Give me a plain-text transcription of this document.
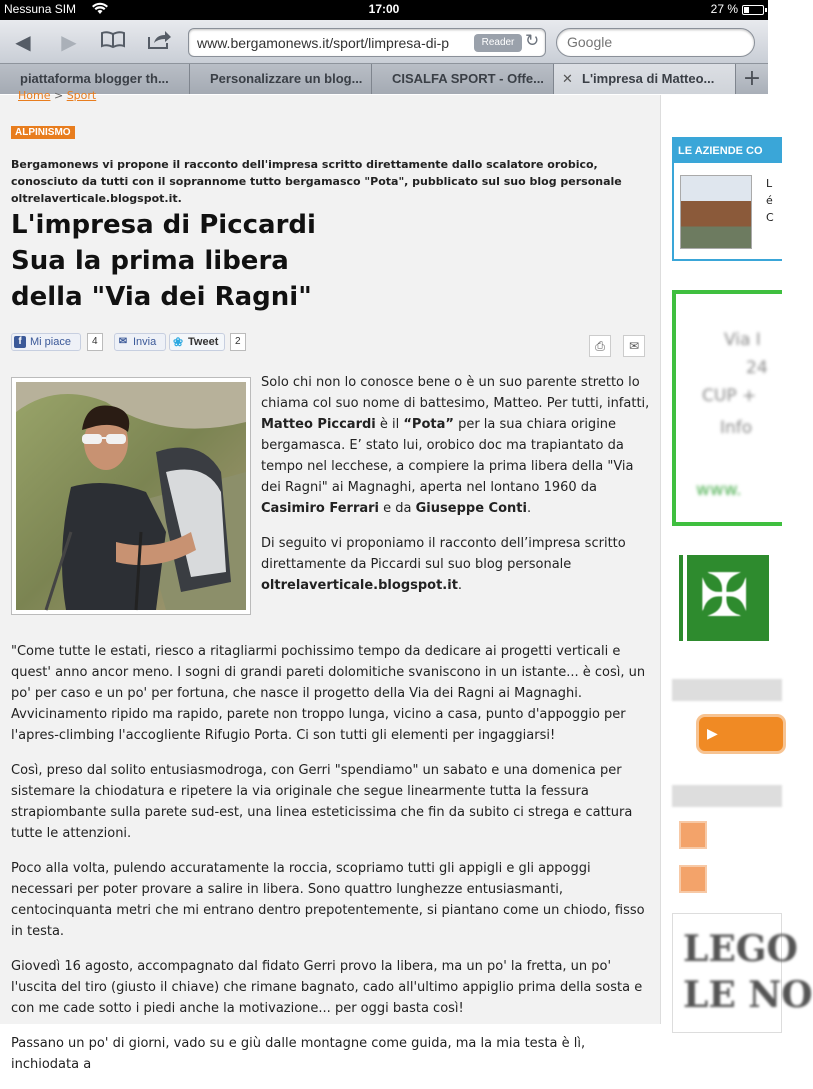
Nessuna SIM	17:00	27 %
◀	▶	www.bergamonews.it/sport/limpresa-di-p	Reader ↻
Google
piattaforma blogger th...	Personalizzare un blog...	CISALFA SPORT - Offe...	✕ L'impresa di Matteo...	+
Home > Sport
ALPINISMO
Bergamonews vi propone il racconto dell'impresa scritto direttamente dallo scalatore orobico, conosciuto da tutti con il soprannome tutto bergamasco "Pota", pubblicato sul suo blog personale oltrelaverticale.blogspot.it.
L'impresa di Piccardi
Sua la prima libera
della "Via dei Ragni"
f Mi piace	4	✉ Invia	❀ Tweet	2	⎙	✉

Solo chi non lo conosce bene o è un suo parente stretto lo chiama col suo nome di battesimo, Matteo. Per tutti, infatti, Matteo Piccardi è il “Pota” per la sua chiara origine bergamasca. E’ stato lui, orobico doc ma trapiantato da tempo nel lecchese, a compiere la prima libera della "Via dei Ragni" ai Magnaghi, aperta nel lontano 1960 da Casimiro Ferrari e da Giuseppe Conti.

Di seguito vi proponiamo il racconto dell’impresa scritto direttamente da Piccardi sul suo blog personale oltrelaverticale.blogspot.it.

"Come tutte le estati, riesco a ritagliarmi pochissimo tempo da dedicare ai progetti verticali e quest' anno ancor meno. I sogni di grandi pareti dolomitiche svaniscono in un istante... è così, un po' per caso e un po' per fortuna, che nasce il progetto della Via dei Ragni ai Magnaghi. Avvicinamento ripido ma rapido, parete non troppo lunga, vicino a casa, punto d'appoggio per l'apres-climbing l'accogliente Rifugio Porta. Ci son tutti gli elementi per ingaggiarsi!

Così, preso dal solito entusiasmodroga, con Gerri "spendiamo" un sabato e una domenica per sistemare la chiodatura e ripetere la via originale che segue linearmente tutta la fessura strapiombante sulla parete sud-est, una linea esteticissima che fin da subito ci strega e cattura tutte le attenzioni.

Poco alla volta, pulendo accuratamente la roccia, scopriamo tutti gli appigli e gli appoggi necessari per poter provare a salire in libera. Sono quattro lunghezze entusiasmanti, centocinquanta metri che mi entrano dentro prepotentemente, si piantano come un chiodo, fisso in testa.

Giovedì 16 agosto, accompagnato dal fidato Gerri provo la libera, ma un po' la fretta, un po' l'uscita del tiro (giusto il chiave) che rimane bagnato, cado all'ultimo appiglio prima della sosta e con me cade sotto i piedi anche la motivazione... per oggi basta così!

Passano un po' di giorni, vado su e giù dalle montagne come guida, ma la mia testa è lì, inchiodata a

LE AZIENDE CO
L
é
C
Via I
24
CUP +
Info
www.
✠
▶
LEGO
LE NO
